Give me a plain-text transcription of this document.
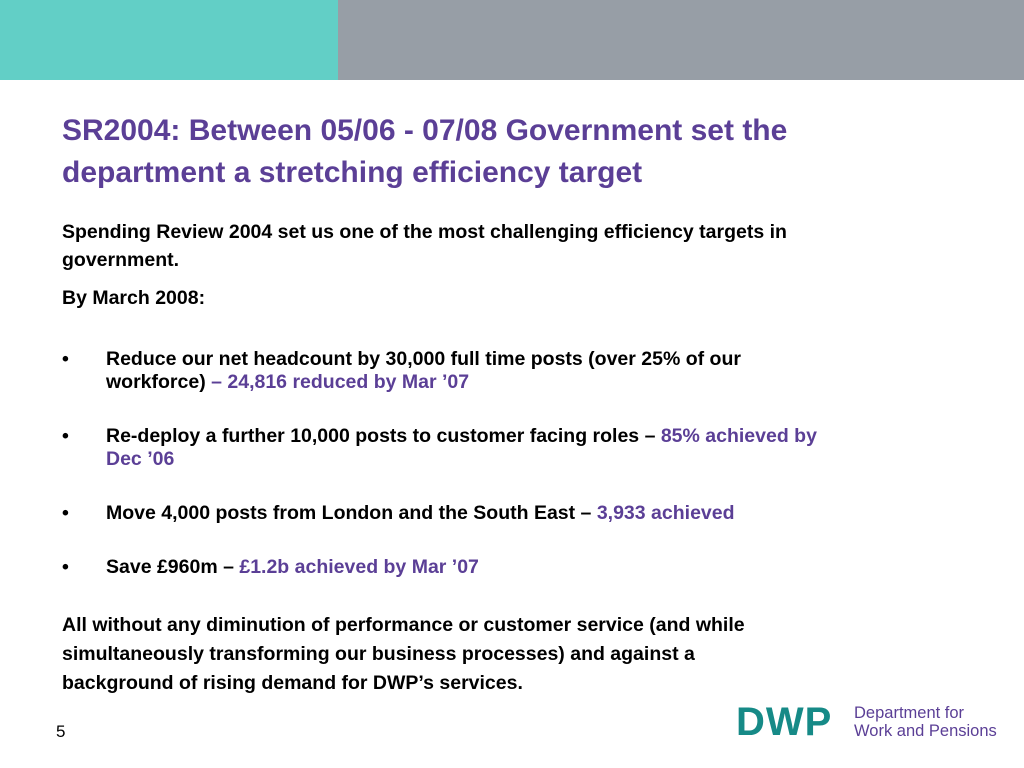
SR2004: Between 05/06 - 07/08 Government set the
department a stretching efficiency target
Spending Review 2004 set us one of the most challenging efficiency targets in
government.
By March 2008:
• Reduce our net headcount by 30,000 full time posts (over 25% of our
workforce) – 24,816 reduced by Mar ’07
• Re-deploy a further 10,000 posts to customer facing roles – 85% achieved by
Dec ’06
• Move 4,000 posts from London and the South East – 3,933 achieved
• Save £960m – £1.2b achieved by Mar ’07
All without any diminution of performance or customer service (and while
simultaneously transforming our business processes) and against a
background of rising demand for DWP’s services.
5	DWP Department for
Work and Pensions
